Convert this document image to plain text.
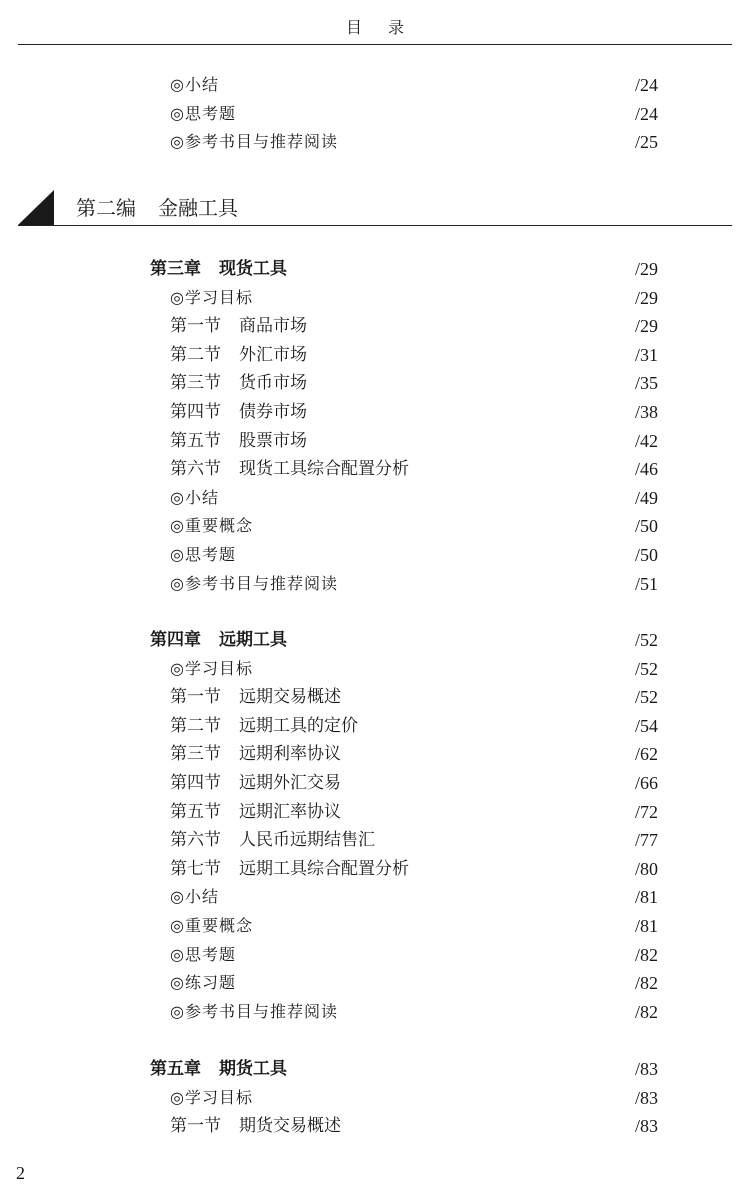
目录
◎小结	/24
◎思考题	/24
◎参考书目与推荐阅读	/25
第三章 现货工具	/29
◎学习目标	/29
第一节 商品市场	/29
第二节 外汇市场	/31
第三节 货币市场	/35
第四节 债券市场	/38
第五节 股票市场	/42
第六节 现货工具综合配置分析	/46
◎小结	/49
◎重要概念	/50
◎思考题	/50
◎参考书目与推荐阅读	/51
第四章 远期工具	/52
◎学习目标	/52
第一节 远期交易概述	/52
第二节 远期工具的定价	/54
第三节 远期利率协议	/62
第四节 远期外汇交易	/66
第五节 远期汇率协议	/72
第六节 人民币远期结售汇	/77
第七节 远期工具综合配置分析	/80
◎小结	/81
◎重要概念	/81
◎思考题	/82
◎练习题	/82
◎参考书目与推荐阅读	/82
第五章 期货工具	/83
◎学习目标	/83
第一节 期货交易概述	/83
第二编 金融工具
2
